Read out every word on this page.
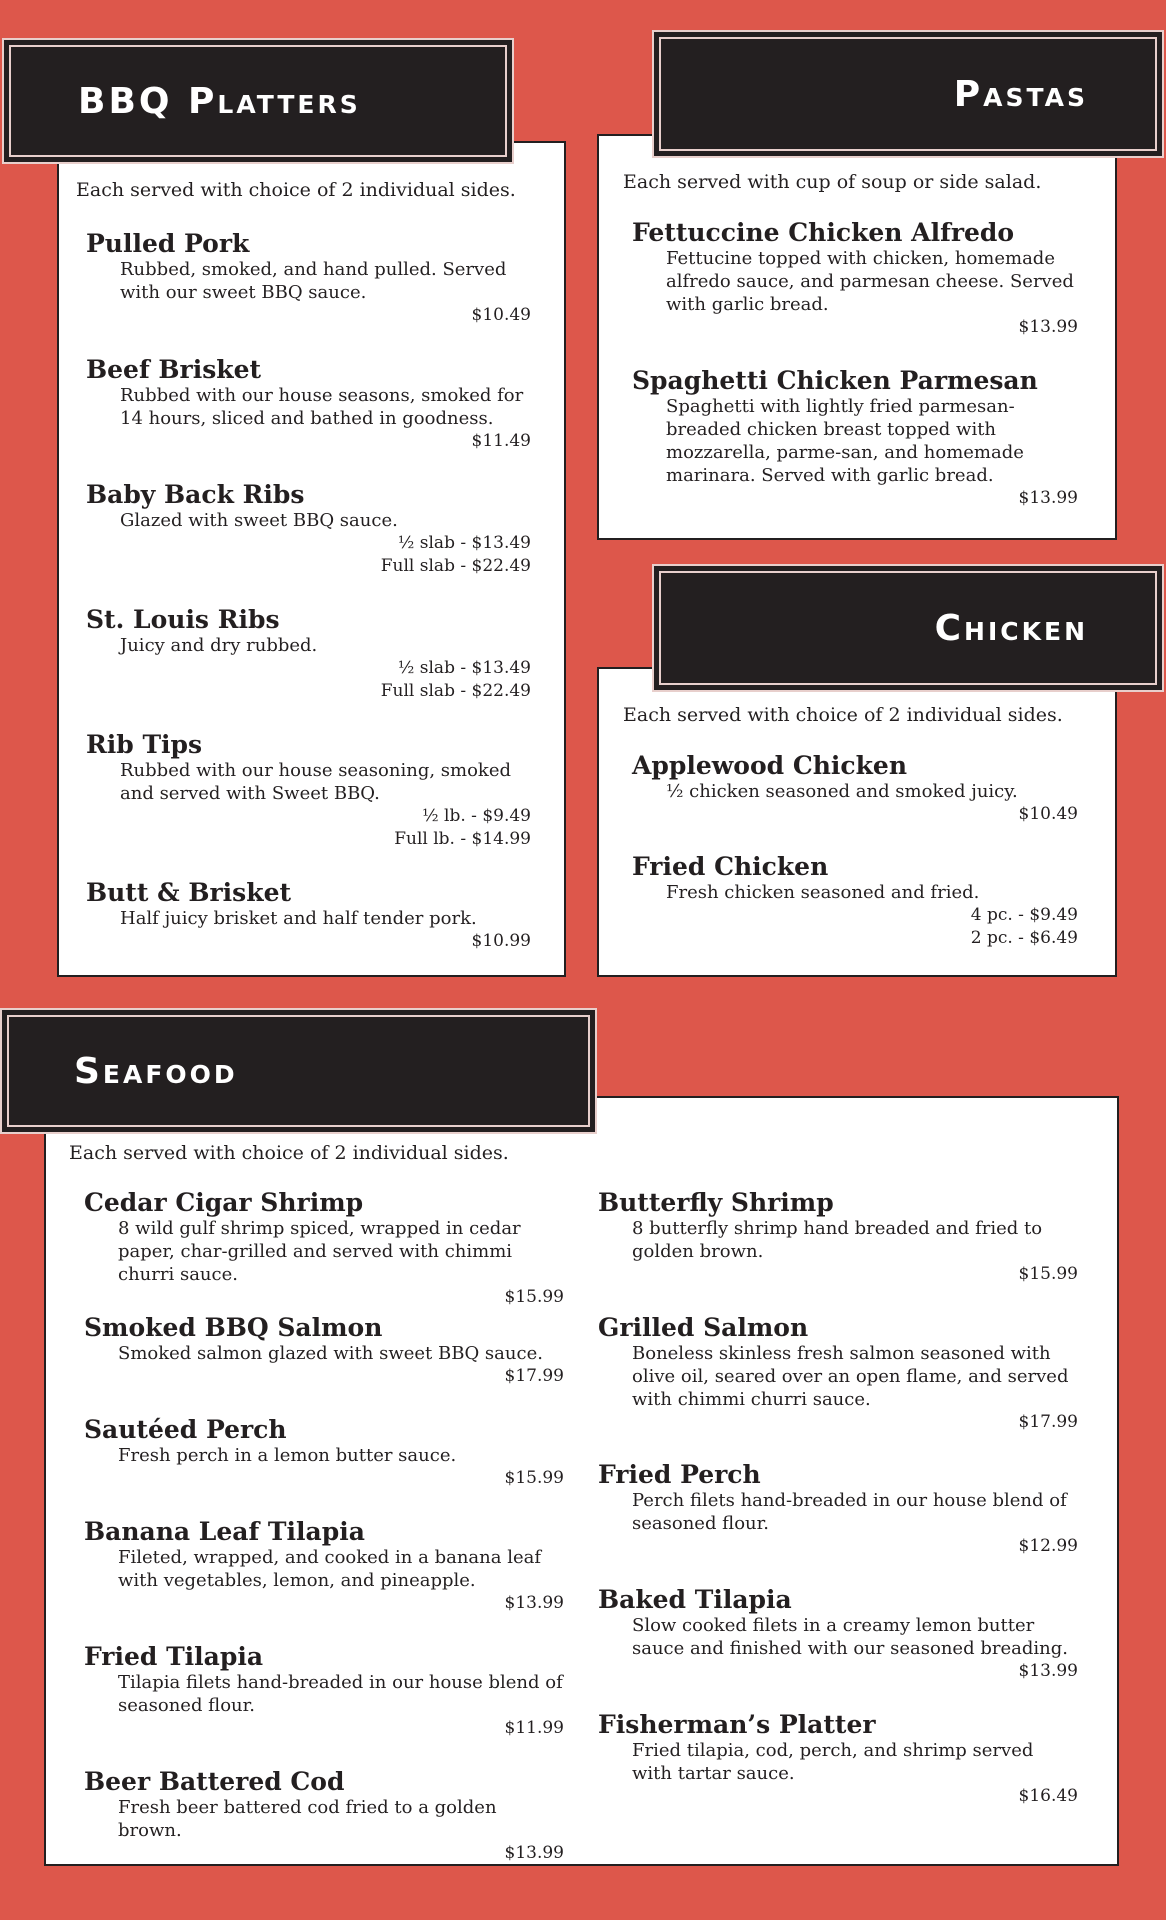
BBQ Platters
Each served with choice of 2 individual sides.
Pulled Pork
Rubbed, smoked, and hand pulled. Served with our sweet BBQ sauce.
$10.49
Beef Brisket
Rubbed with our house seasons, smoked for 14 hours, sliced and bathed in goodness.
$11.49
Baby Back Ribs
Glazed with sweet BBQ sauce.
½ slab - $13.49
Full slab - $22.49
St. Louis Ribs
Juicy and dry rubbed.
½ slab - $13.49
Full slab - $22.49
Rib Tips
Rubbed with our house seasoning, smoked and served with Sweet BBQ.
½ lb. - $9.49
Full lb. - $14.99
Butt & Brisket
Half juicy brisket and half tender pork.
$10.99
Pastas
Each served with cup of soup or side salad.
Fettuccine Chicken Alfredo
Fettucine topped with chicken, homemade alfredo sauce, and parmesan cheese. Served with garlic bread.
$13.99
Spaghetti Chicken Parmesan
Spaghetti with lightly fried parmesan-breaded chicken breast topped with mozzarella, parme-san, and homemade marinara. Served with garlic bread.
$13.99
Chicken
Each served with choice of 2 individual sides.
Applewood Chicken
½ chicken seasoned and smoked juicy.
$10.49
Fried Chicken
Fresh chicken seasoned and fried.
4 pc. - $9.49
2 pc. - $6.49
Seafood
Each served with choice of 2 individual sides.
Cedar Cigar Shrimp
8 wild gulf shrimp spiced, wrapped in cedar paper, char-grilled and served with chimmi churri sauce.
$15.99
Smoked BBQ Salmon
Smoked salmon glazed with sweet BBQ sauce.
$17.99
Sautéed Perch
Fresh perch in a lemon butter sauce.
$15.99
Banana Leaf Tilapia
Fileted, wrapped, and cooked in a banana leaf with vegetables, lemon, and pineapple.
$13.99
Fried Tilapia
Tilapia filets hand-breaded in our house blend of seasoned flour.
$11.99
Beer Battered Cod
Fresh beer battered cod fried to a golden brown.
$13.99
Butterfly Shrimp
8 butterfly shrimp hand breaded and fried to golden brown.
$15.99
Grilled Salmon
Boneless skinless fresh salmon seasoned with olive oil, seared over an open flame, and served with chimmi churri sauce.
$17.99
Fried Perch
Perch filets hand-breaded in our house blend of seasoned flour.
$12.99
Baked Tilapia
Slow cooked filets in a creamy lemon butter sauce and finished with our seasoned breading.
$13.99
Fisherman’s Platter
Fried tilapia, cod, perch, and shrimp served with tartar sauce.
$16.49
